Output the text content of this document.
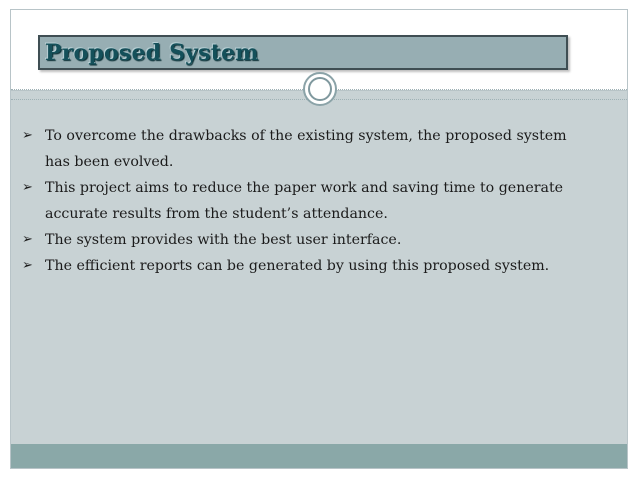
Proposed System
➢ To overcome the drawbacks of the existing system, the proposed system has been evolved.
➢ This project aims to reduce the paper work and saving time to generate accurate results from the student’s attendance.
➢ The system provides with the best user interface.
➢ The efficient reports can be generated by using this proposed system.
